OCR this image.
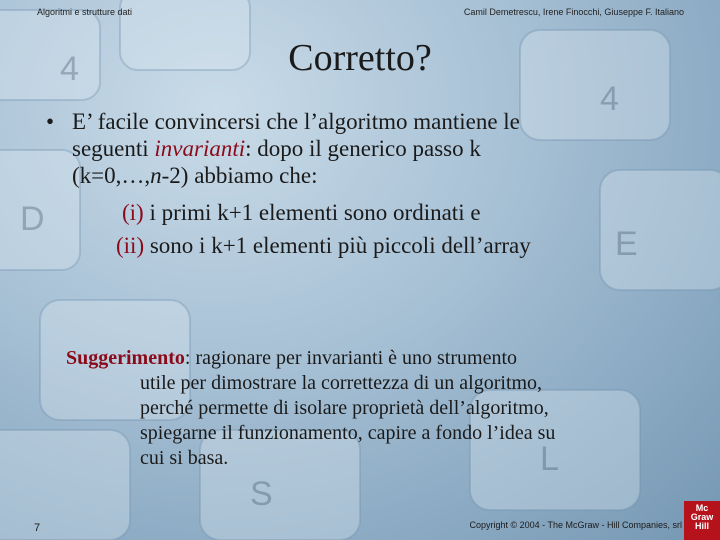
4
4
E
S
L
D
Algoritmi e strutture dati	Camil Demetrescu, Irene Finocchi, Giuseppe F. Italiano
Corretto?
• E’ facile convincersi che l’algoritmo mantiene le
seguenti invarianti: dopo il generico passo k
(k=0,…,n-2) abbiamo che:
(i) i primi k+1 elementi sono ordinati e
(ii) sono i k+1 elementi più piccoli dell’array
Suggerimento: ragionare per invarianti è uno strumento
utile per dimostrare la correttezza di un algoritmo,
perché permette di isolare proprietà dell’algoritmo,
spiegarne il funzionamento, capire a fondo l’idea su
cui si basa.
7	Copyright © 2004 - The McGraw - Hill Companies, srl
Mc
Graw
Hill
